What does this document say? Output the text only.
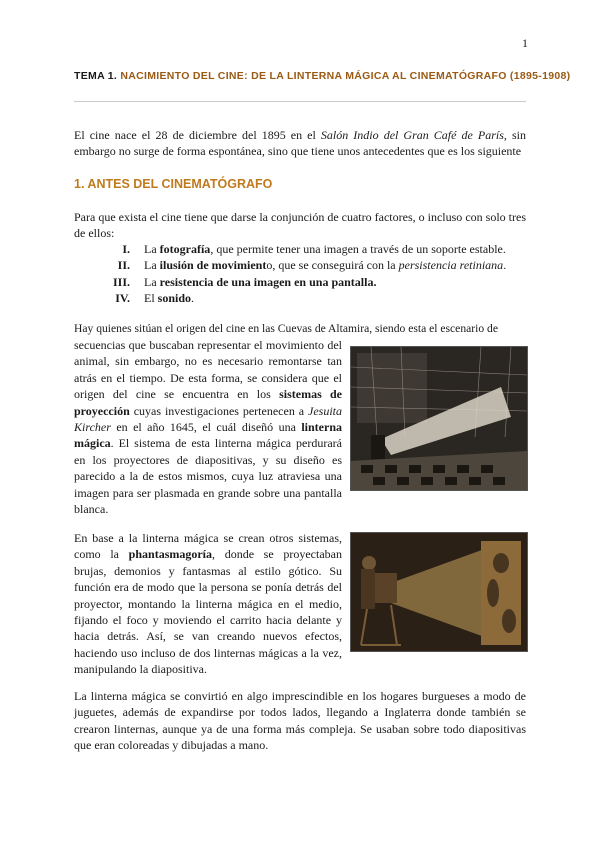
1
TEMA 1. NACIMIENTO DEL CINE: DE LA LINTERNA MÁGICA AL CINEMATÓGRAFO (1895-1908)

El cine nace el 28 de diciembre del 1895 en el Salón Indio del Gran Café de París, sin embargo no surge de forma espontánea, sino que tiene unos antecedentes que es los siguiente

1. ANTES DEL CINEMATÓGRAFO

Para que exista el cine tiene que darse la conjunción de cuatro factores, o incluso con solo tres de ellos:

I. La fotografía, que permite tener una imagen a través de un soporte estable.
II. La ilusión de movimiento, que se conseguirá con la persistencia retiniana.
III. La resistencia de una imagen en una pantalla.
IV. El sonido.

Hay quienes sitúan el origen del cine en las Cuevas de Altamira, siendo esta el escenario de

secuencias que buscaban representar el movimiento del animal, sin embargo, no es necesario remontarse tan atrás en el tiempo. De esta forma, se considera que el origen del cine se encuentra en los sistemas de proyección cuyas investigaciones pertenecen a Jesuita Kircher en el año 1645, el cuál diseñó una linterna mágica. El sistema de esta linterna mágica perdurará en los proyectores de diapositivas, y su diseño es parecido a la de estos mismos, cuya luz atraviesa una imagen para ser plasmada en grande sobre una pantalla blanca.

En base a la linterna mágica se crean otros sistemas, como la phantasmagoría, donde se proyectaban brujas, demonios y fantasmas al estilo gótico. Su función era de modo que la persona se ponía detrás del proyector, montando la linterna mágica en el medio, fijando el foco y moviendo el carrito hacia delante y hacia detrás. Así, se van creando nuevos efectos, haciendo uso incluso de dos linternas mágicas a la vez, manipulando la diapositiva.

La linterna mágica se convirtió en algo imprescindible en los hogares burgueses a modo de juguetes, además de expandirse por todos lados, llegando a Inglaterra donde también se crearon linternas, aunque ya de una forma más compleja. Se usaban sobre todo diapositivas que eran coloreadas y dibujadas a mano.
